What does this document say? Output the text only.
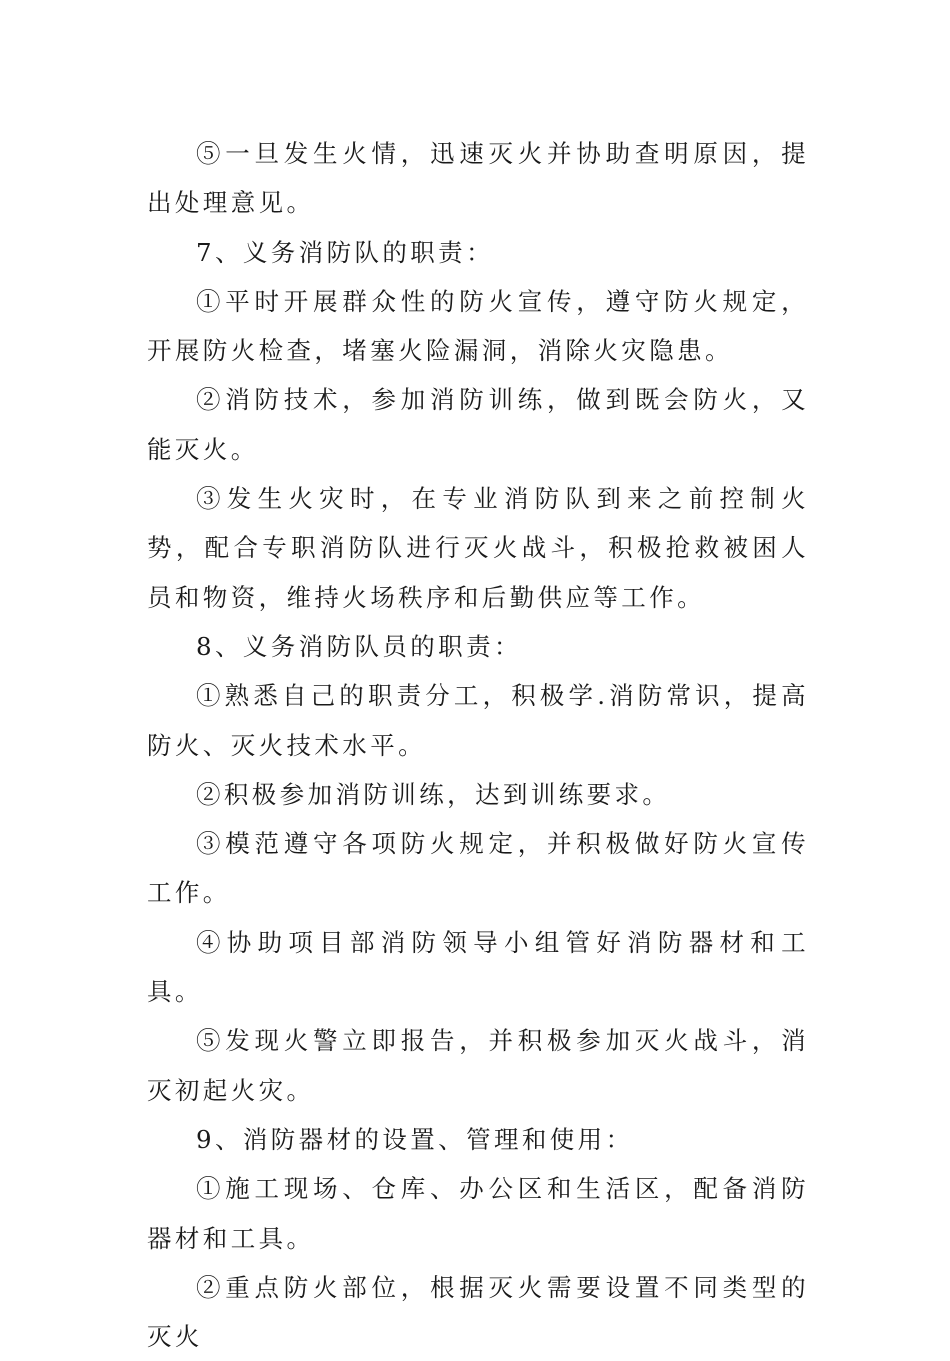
⑤一旦发生火情，迅速灭火并协助查明原因，提出处理意见。

7、义务消防队的职责：

①平时开展群众性的防火宣传，遵守防火规定，开展防火检查，堵塞火险漏洞，消除火灾隐患。

②消防技术，参加消防训练，做到既会防火，又能灭火。

③发生火灾时，在专业消防队到来之前控制火势，配合专职消防队进行灭火战斗，积极抢救被困人员和物资，维持火场秩序和后勤供应等工作。

8、义务消防队员的职责：

①熟悉自己的职责分工，积极学.消防常识，提高防火、灭火技术水平。

②积极参加消防训练，达到训练要求。

③模范遵守各项防火规定，并积极做好防火宣传工作。

④协助项目部消防领导小组管好消防器材和工具。

⑤发现火警立即报告，并积极参加灭火战斗，消灭初起火灾。

9、消防器材的设置、管理和使用：

①施工现场、仓库、办公区和生活区，配备消防器材和工具。

②重点防火部位，根据灭火需要设置不同类型的灭火
